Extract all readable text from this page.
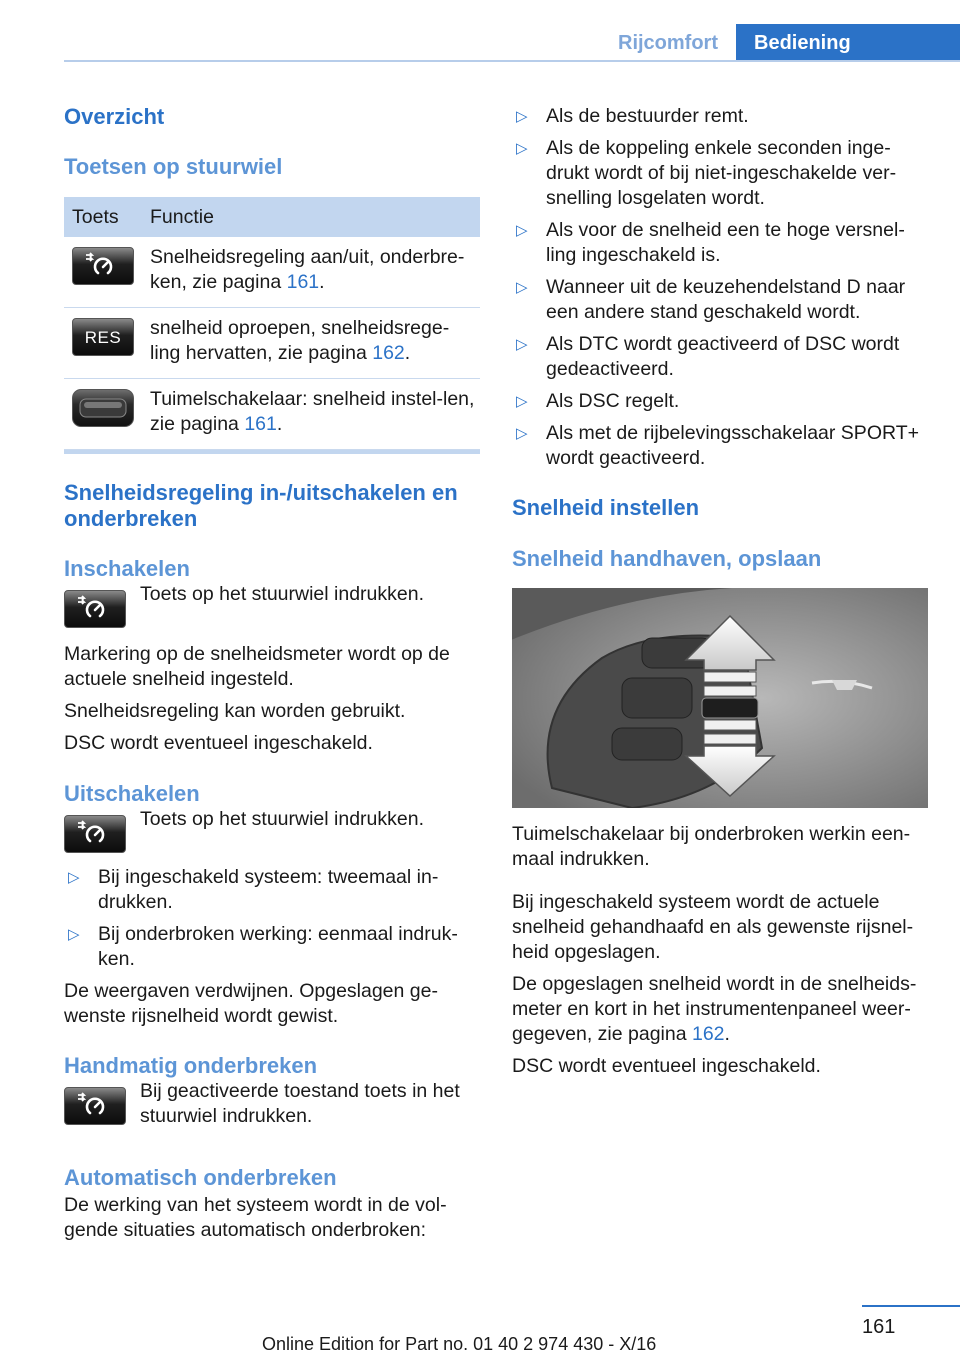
Rijcomfort	Bediening
Overzicht
Toetsen op stuurwiel
Toets	Functie

	Snelheidsregeling aan/uit, onderbre-ken, zie pagina 161.

RES	snelheid oproepen, snelheidsrege-ling hervatten, zie pagina 162.

	Tuimelschakelaar: snelheid instel-len, zie pagina 161.
Snelheidsregeling in-/uitschakelen en onderbreken
Inschakelen
Toets op het stuurwiel indrukken.
Markering op de snelheidsmeter wordt op de actuele snelheid ingesteld.
Snelheidsregeling kan worden gebruikt.
DSC wordt eventueel ingeschakeld.
Uitschakelen
Toets op het stuurwiel indrukken.
▷ Bij ingeschakeld systeem: tweemaal in-drukken.
▷ Bij onderbroken werking: eenmaal indruk-ken.
De weergaven verdwijnen. Opgeslagen ge-wenste rijsnelheid wordt gewist.
Handmatig onderbreken
Bij geactiveerde toestand toets in het stuurwiel indrukken.
Automatisch onderbreken
De werking van het systeem wordt in de vol-gende situaties automatisch onderbroken:
▷ Als de bestuurder remt.
▷ Als de koppeling enkele seconden inge-drukt wordt of bij niet-ingeschakelde ver-snelling losgelaten wordt.
▷ Als voor de snelheid een te hoge versnel-ling ingeschakeld is.
▷ Wanneer uit de keuzehendelstand D naar een andere stand geschakeld wordt.
▷ Als DTC wordt geactiveerd of DSC wordt gedeactiveerd.
▷ Als DSC regelt.
▷ Als met de rijbelevingsschakelaar SPORT+ wordt geactiveerd.
Snelheid instellen
Snelheid handhaven, opslaan
Tuimelschakelaar bij onderbroken werkin een-maal indrukken.
Bij ingeschakeld systeem wordt de actuele snelheid gehandhaafd en als gewenste rijsnel-heid opgeslagen.
De opgeslagen snelheid wordt in de snelheids-meter en kort in het instrumentenpaneel weer-gegeven, zie pagina 162.
DSC wordt eventueel ingeschakeld.
161
Online Edition for Part no. 01 40 2 974 430 - X/16
